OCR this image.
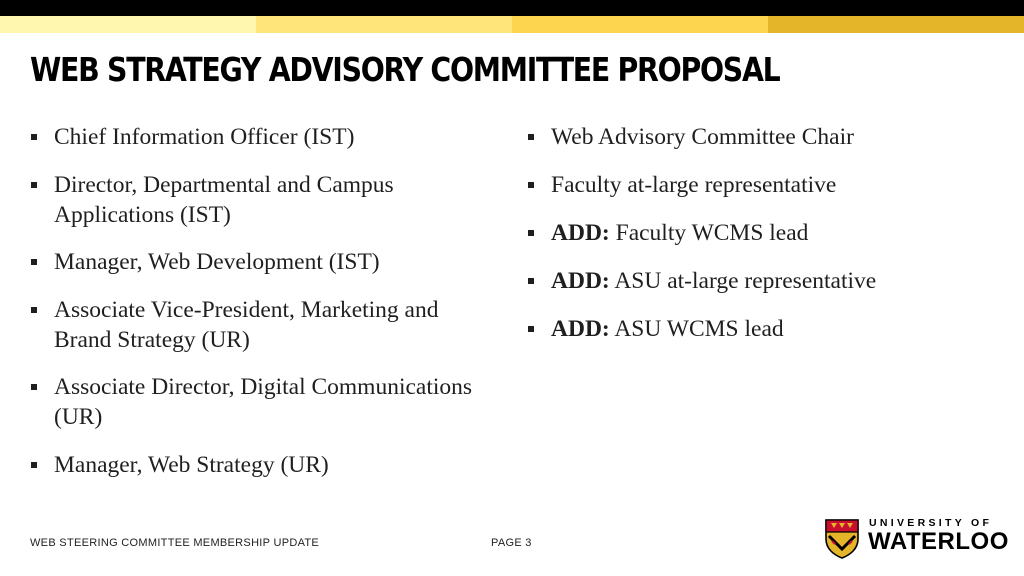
WEB STRATEGY ADVISORY COMMITTEE PROPOSAL
Chief Information Officer (IST)
Director, Departmental and Campus Applications (IST)
Manager, Web Development (IST)
Associate Vice-President, Marketing and Brand Strategy (UR)
Associate Director, Digital Communications (UR)
Manager, Web Strategy (UR)
Web Advisory Committee Chair
Faculty at-large representative
ADD: Faculty WCMS lead
ADD: ASU at-large representative
ADD: ASU WCMS lead
WEB STEERING COMMITTEE MEMBERSHIP UPDATE	PAGE 3
UNIVERSITY OF
WATERLOO
